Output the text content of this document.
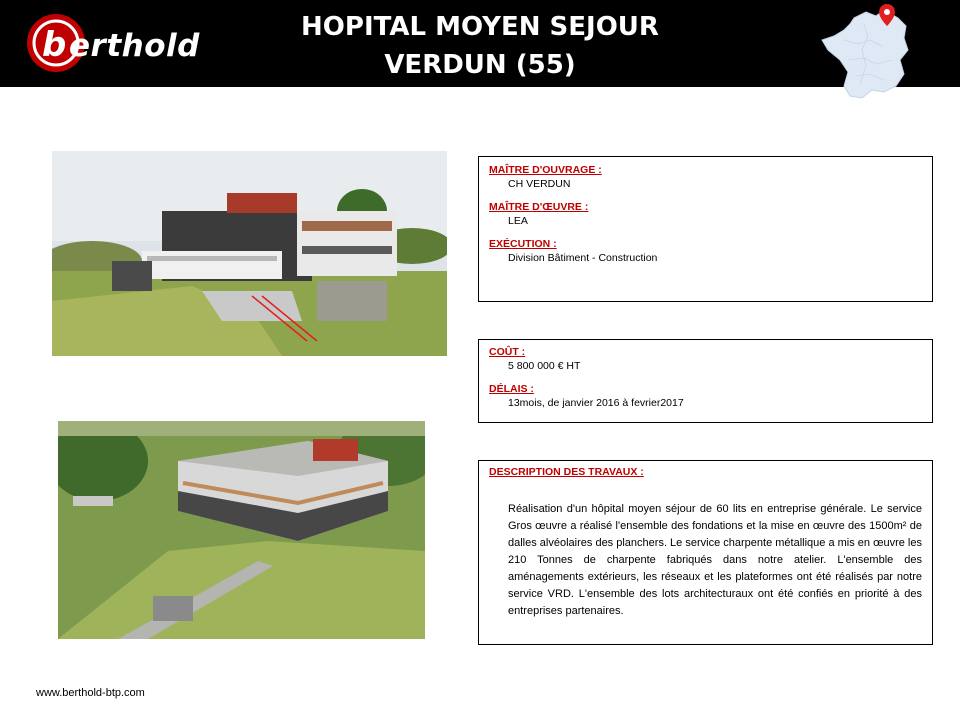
b erthold
HOPITAL MOYEN SEJOUR
VERDUN (55)
MAÎTRE D'OUVRAGE :
CH VERDUN
MAÎTRE D'ŒUVRE :
LEA
EXÉCUTION :
Division Bâtiment - Construction
COÛT :
5 800 000 € HT
DÉLAIS :
13mois, de janvier 2016 à fevrier2017
DESCRIPTION DES TRAVAUX :
Réalisation d'un hôpital moyen séjour de 60 lits en entreprise générale. Le service Gros œuvre a réalisé l'ensemble des fondations et la mise en œuvre des 1500m² de dalles alvéolaires des planchers. Le service charpente métallique a mis en œuvre les 210 Tonnes de charpente fabriqués dans notre atelier. L'ensemble des aménagements extérieurs, les réseaux et les plateformes ont été réalisés par notre service VRD. L'ensemble des lots architecturaux ont été confiés en priorité à des entreprises partenaires.
www.berthold-btp.com
